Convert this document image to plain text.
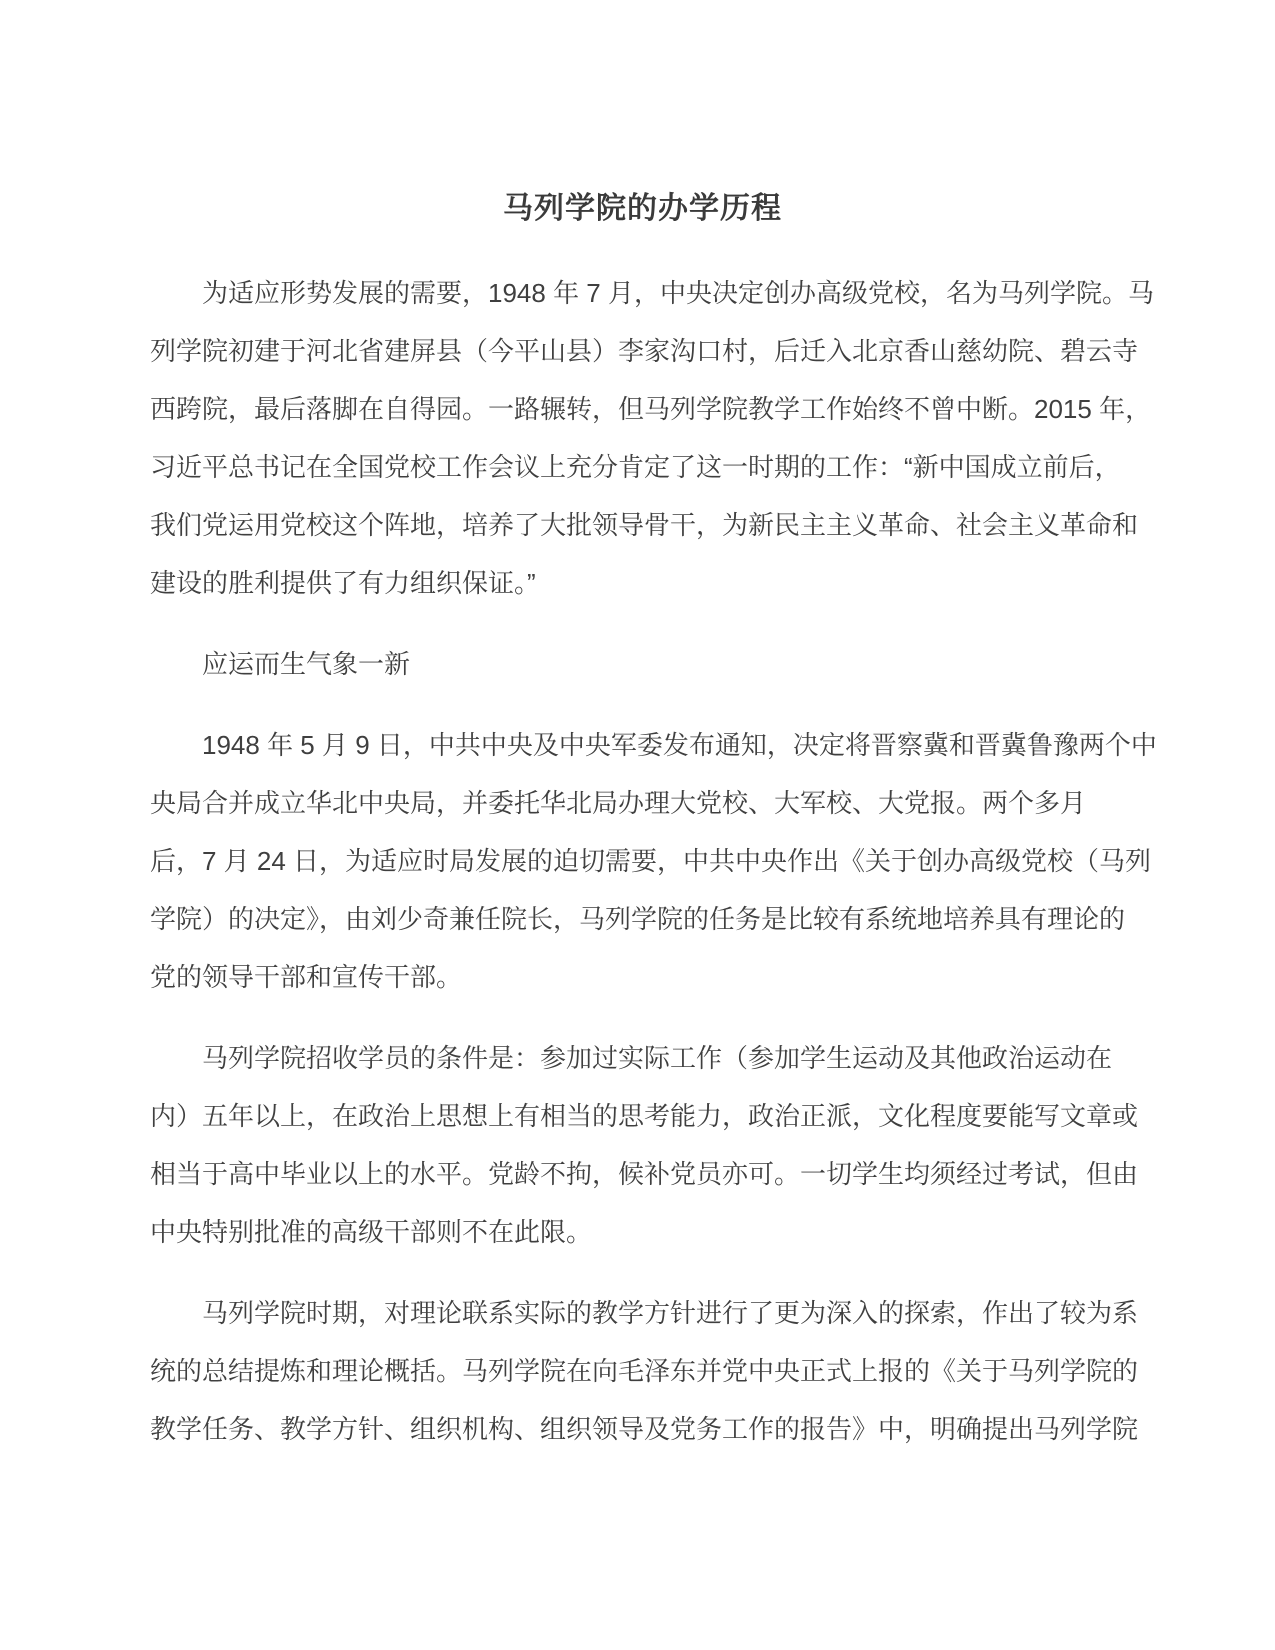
马列学院的办学历程
为适应形势发展的需要，1948 年 7 月，中央决定创办高级党校，名为马列学院。马
列学院初建于河北省建屏县（今平山县）李家沟口村，后迁入北京香山慈幼院、碧云寺
西跨院，最后落脚在自得园。一路辗转，但马列学院教学工作始终不曾中断。2015 年，
习近平总书记在全国党校工作会议上充分肯定了这一时期的工作：“新中国成立前后，
我们党运用党校这个阵地，培养了大批领导骨干，为新民主主义革命、社会主义革命和
建设的胜利提供了有力组织保证。”
应运而生气象一新
1948 年 5 月 9 日，中共中央及中央军委发布通知，决定将晋察冀和晋冀鲁豫两个中
央局合并成立华北中央局，并委托华北局办理大党校、大军校、大党报。两个多月
后，7 月 24 日，为适应时局发展的迫切需要，中共中央作出《关于创办高级党校（马列
学院）的决定》，由刘少奇兼任院长，马列学院的任务是比较有系统地培养具有理论的
党的领导干部和宣传干部。
马列学院招收学员的条件是：参加过实际工作（参加学生运动及其他政治运动在
内）五年以上，在政治上思想上有相当的思考能力，政治正派，文化程度要能写文章或
相当于高中毕业以上的水平。党龄不拘，候补党员亦可。一切学生均须经过考试，但由
中央特别批准的高级干部则不在此限。
马列学院时期，对理论联系实际的教学方针进行了更为深入的探索，作出了较为系
统的总结提炼和理论概括。马列学院在向毛泽东并党中央正式上报的《关于马列学院的
教学任务、教学方针、组织机构、组织领导及党务工作的报告》中，明确提出马列学院
